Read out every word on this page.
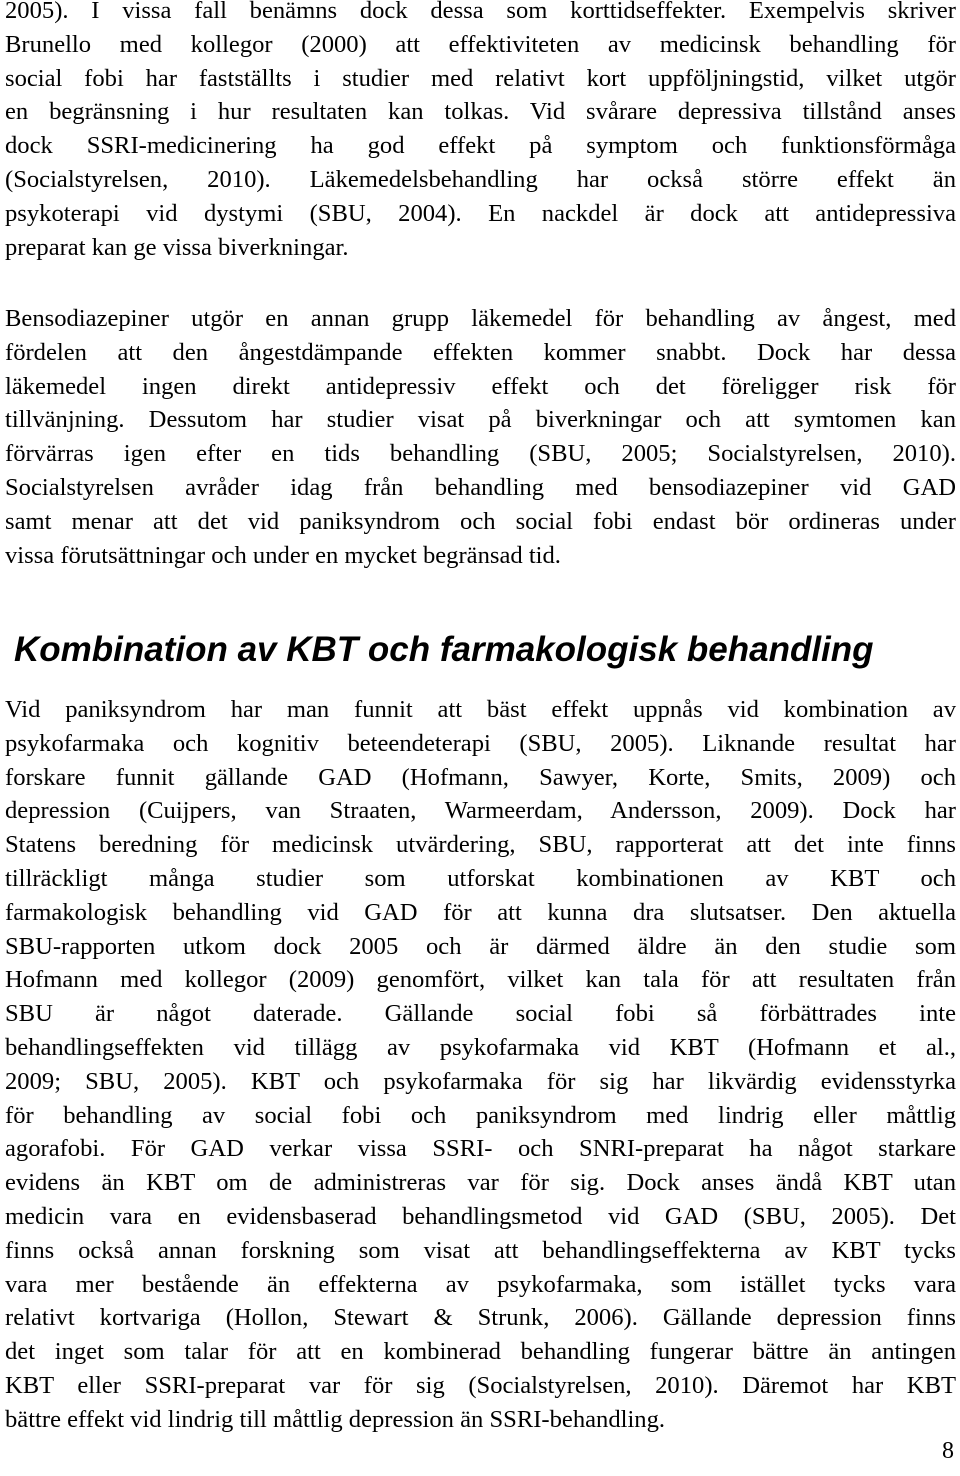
2005). I vissa fall benämns dock dessa som korttidseffekter. Exempelvis skriver
Brunello med kollegor (2000) att effektiviteten av medicinsk behandling för
social fobi har fastställts i studier med relativt kort uppföljningstid, vilket utgör
en begränsning i hur resultaten kan tolkas. Vid svårare depressiva tillstånd anses
dock SSRI-medicinering ha god effekt på symptom och funktionsförmåga
(Socialstyrelsen, 2010). Läkemedelsbehandling har också större effekt än
psykoterapi vid dystymi (SBU, 2004). En nackdel är dock att antidepressiva
preparat kan ge vissa biverkningar.
Bensodiazepiner utgör en annan grupp läkemedel för behandling av ångest, med
fördelen att den ångestdämpande effekten kommer snabbt. Dock har dessa
läkemedel ingen direkt antidepressiv effekt och det föreligger risk för
tillvänjning. Dessutom har studier visat på biverkningar och att symtomen kan
förvärras igen efter en tids behandling (SBU, 2005; Socialstyrelsen, 2010).
Socialstyrelsen avråder idag från behandling med bensodiazepiner vid GAD
samt menar att det vid paniksyndrom och social fobi endast bör ordineras under
vissa förutsättningar och under en mycket begränsad tid.
Kombination av KBT och farmakologisk behandling
Vid paniksyndrom har man funnit att bäst effekt uppnås vid kombination av
psykofarmaka och kognitiv beteendeterapi (SBU, 2005). Liknande resultat har
forskare funnit gällande GAD (Hofmann, Sawyer, Korte, Smits, 2009) och
depression (Cuijpers, van Straaten, Warmeerdam, Andersson, 2009). Dock har
Statens beredning för medicinsk utvärdering, SBU, rapporterat att det inte finns
tillräckligt många studier som utforskat kombinationen av KBT och
farmakologisk behandling vid GAD för att kunna dra slutsatser. Den aktuella
SBU-rapporten utkom dock 2005 och är därmed äldre än den studie som
Hofmann med kollegor (2009) genomfört, vilket kan tala för att resultaten från
SBU är något daterade. Gällande social fobi så förbättrades inte
behandlingseffekten vid tillägg av psykofarmaka vid KBT (Hofmann et al.,
2009; SBU, 2005). KBT och psykofarmaka för sig har likvärdig evidensstyrka
för behandling av social fobi och paniksyndrom med lindrig eller måttlig
agorafobi. För GAD verkar vissa SSRI- och SNRI-preparat ha något starkare
evidens än KBT om de administreras var för sig. Dock anses ändå KBT utan
medicin vara en evidensbaserad behandlingsmetod vid GAD (SBU, 2005). Det
finns också annan forskning som visat att behandlingseffekterna av KBT tycks
vara mer bestående än effekterna av psykofarmaka, som istället tycks vara
relativt kortvariga (Hollon, Stewart & Strunk, 2006). Gällande depression finns
det inget som talar för att en kombinerad behandling fungerar bättre än antingen
KBT eller SSRI-preparat var för sig (Socialstyrelsen, 2010). Däremot har KBT
bättre effekt vid lindrig till måttlig depression än SSRI-behandling.
8
